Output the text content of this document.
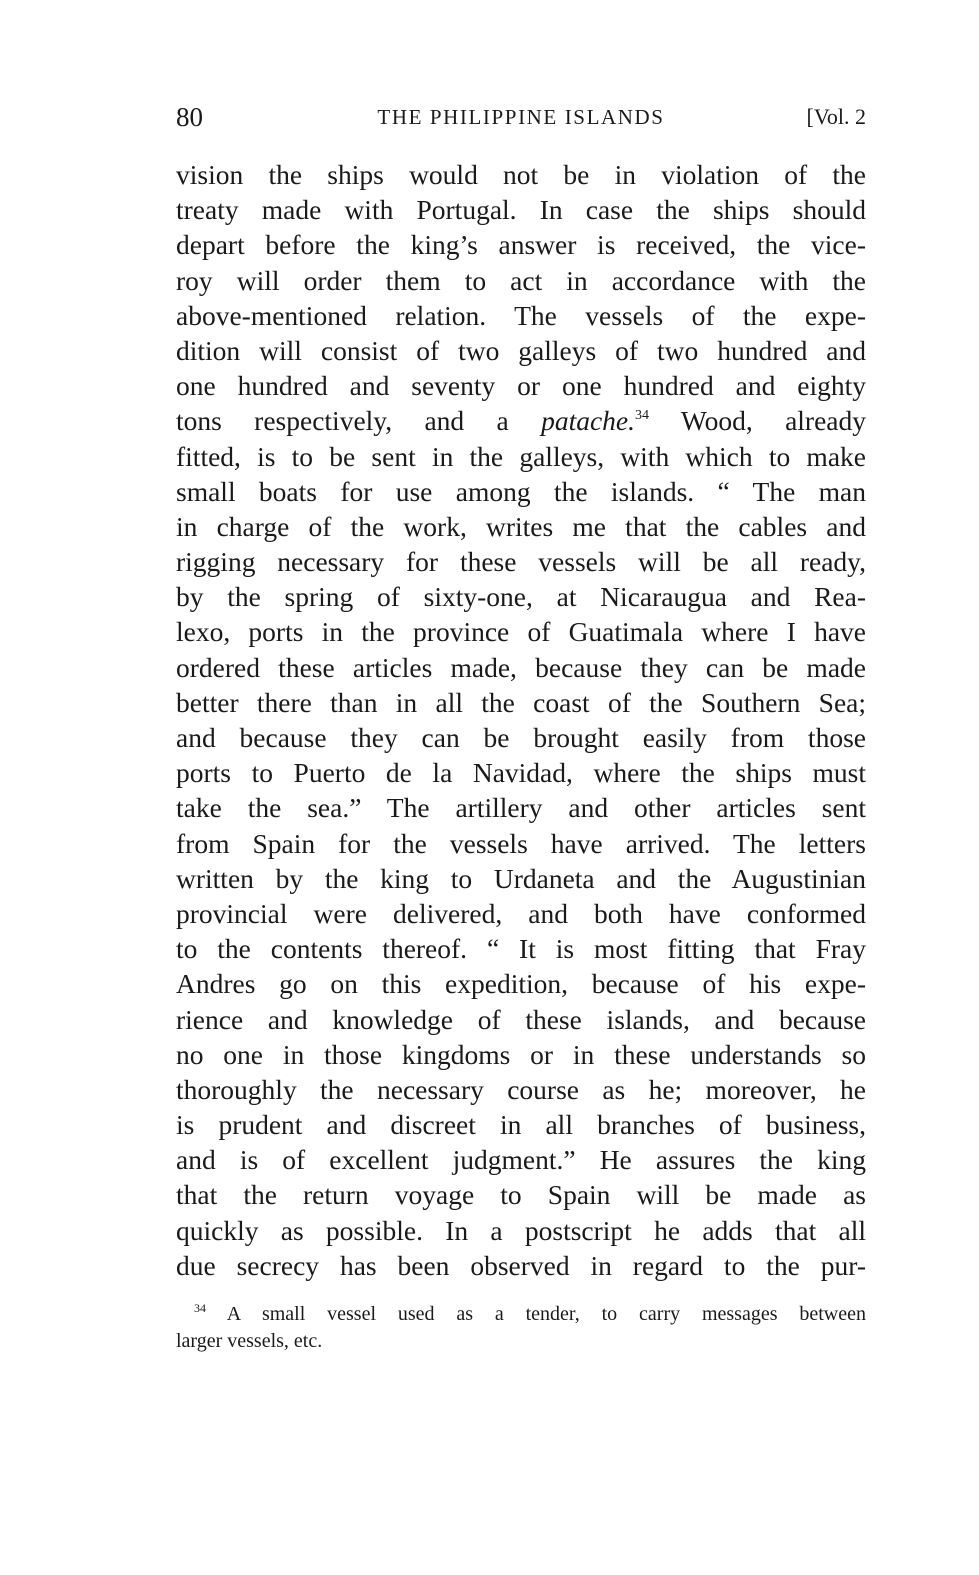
80	THE PHILIPPINE ISLANDS	[Vol. 2
vision the ships would not be in violation of the
treaty made with Portugal. In case the ships should
depart before the king’s answer is received, the vice-
roy will order them to act in accordance with the
above-mentioned relation. The vessels of the expe-
dition will consist of two galleys of two hundred and
one hundred and seventy or one hundred and eighty
tons respectively, and a patache.$^{34}$ Wood, already
fitted, is to be sent in the galleys, with which to make
small boats for use among the islands. “ The man
in charge of the work, writes me that the cables and
rigging necessary for these vessels will be all ready,
by the spring of sixty-one, at Nicaraugua and Rea-
lexo, ports in the province of Guatimala where I have
ordered these articles made, because they can be made
better there than in all the coast of the Southern Sea;
and because they can be brought easily from those
ports to Puerto de la Navidad, where the ships must
take the sea.” The artillery and other articles sent
from Spain for the vessels have arrived. The letters
written by the king to Urdaneta and the Augustinian
provincial were delivered, and both have conformed
to the contents thereof. “ It is most fitting that Fray
Andres go on this expedition, because of his expe-
rience and knowledge of these islands, and because
no one in those kingdoms or in these understands so
thoroughly the necessary course as he; moreover, he
is prudent and discreet in all branches of business,
and is of excellent judgment.” He assures the king
that the return voyage to Spain will be made as
quickly as possible. In a postscript he adds that all
due secrecy has been observed in regard to the pur-
$^{34}$ A small vessel used as a tender, to carry messages between
larger vessels, etc.
